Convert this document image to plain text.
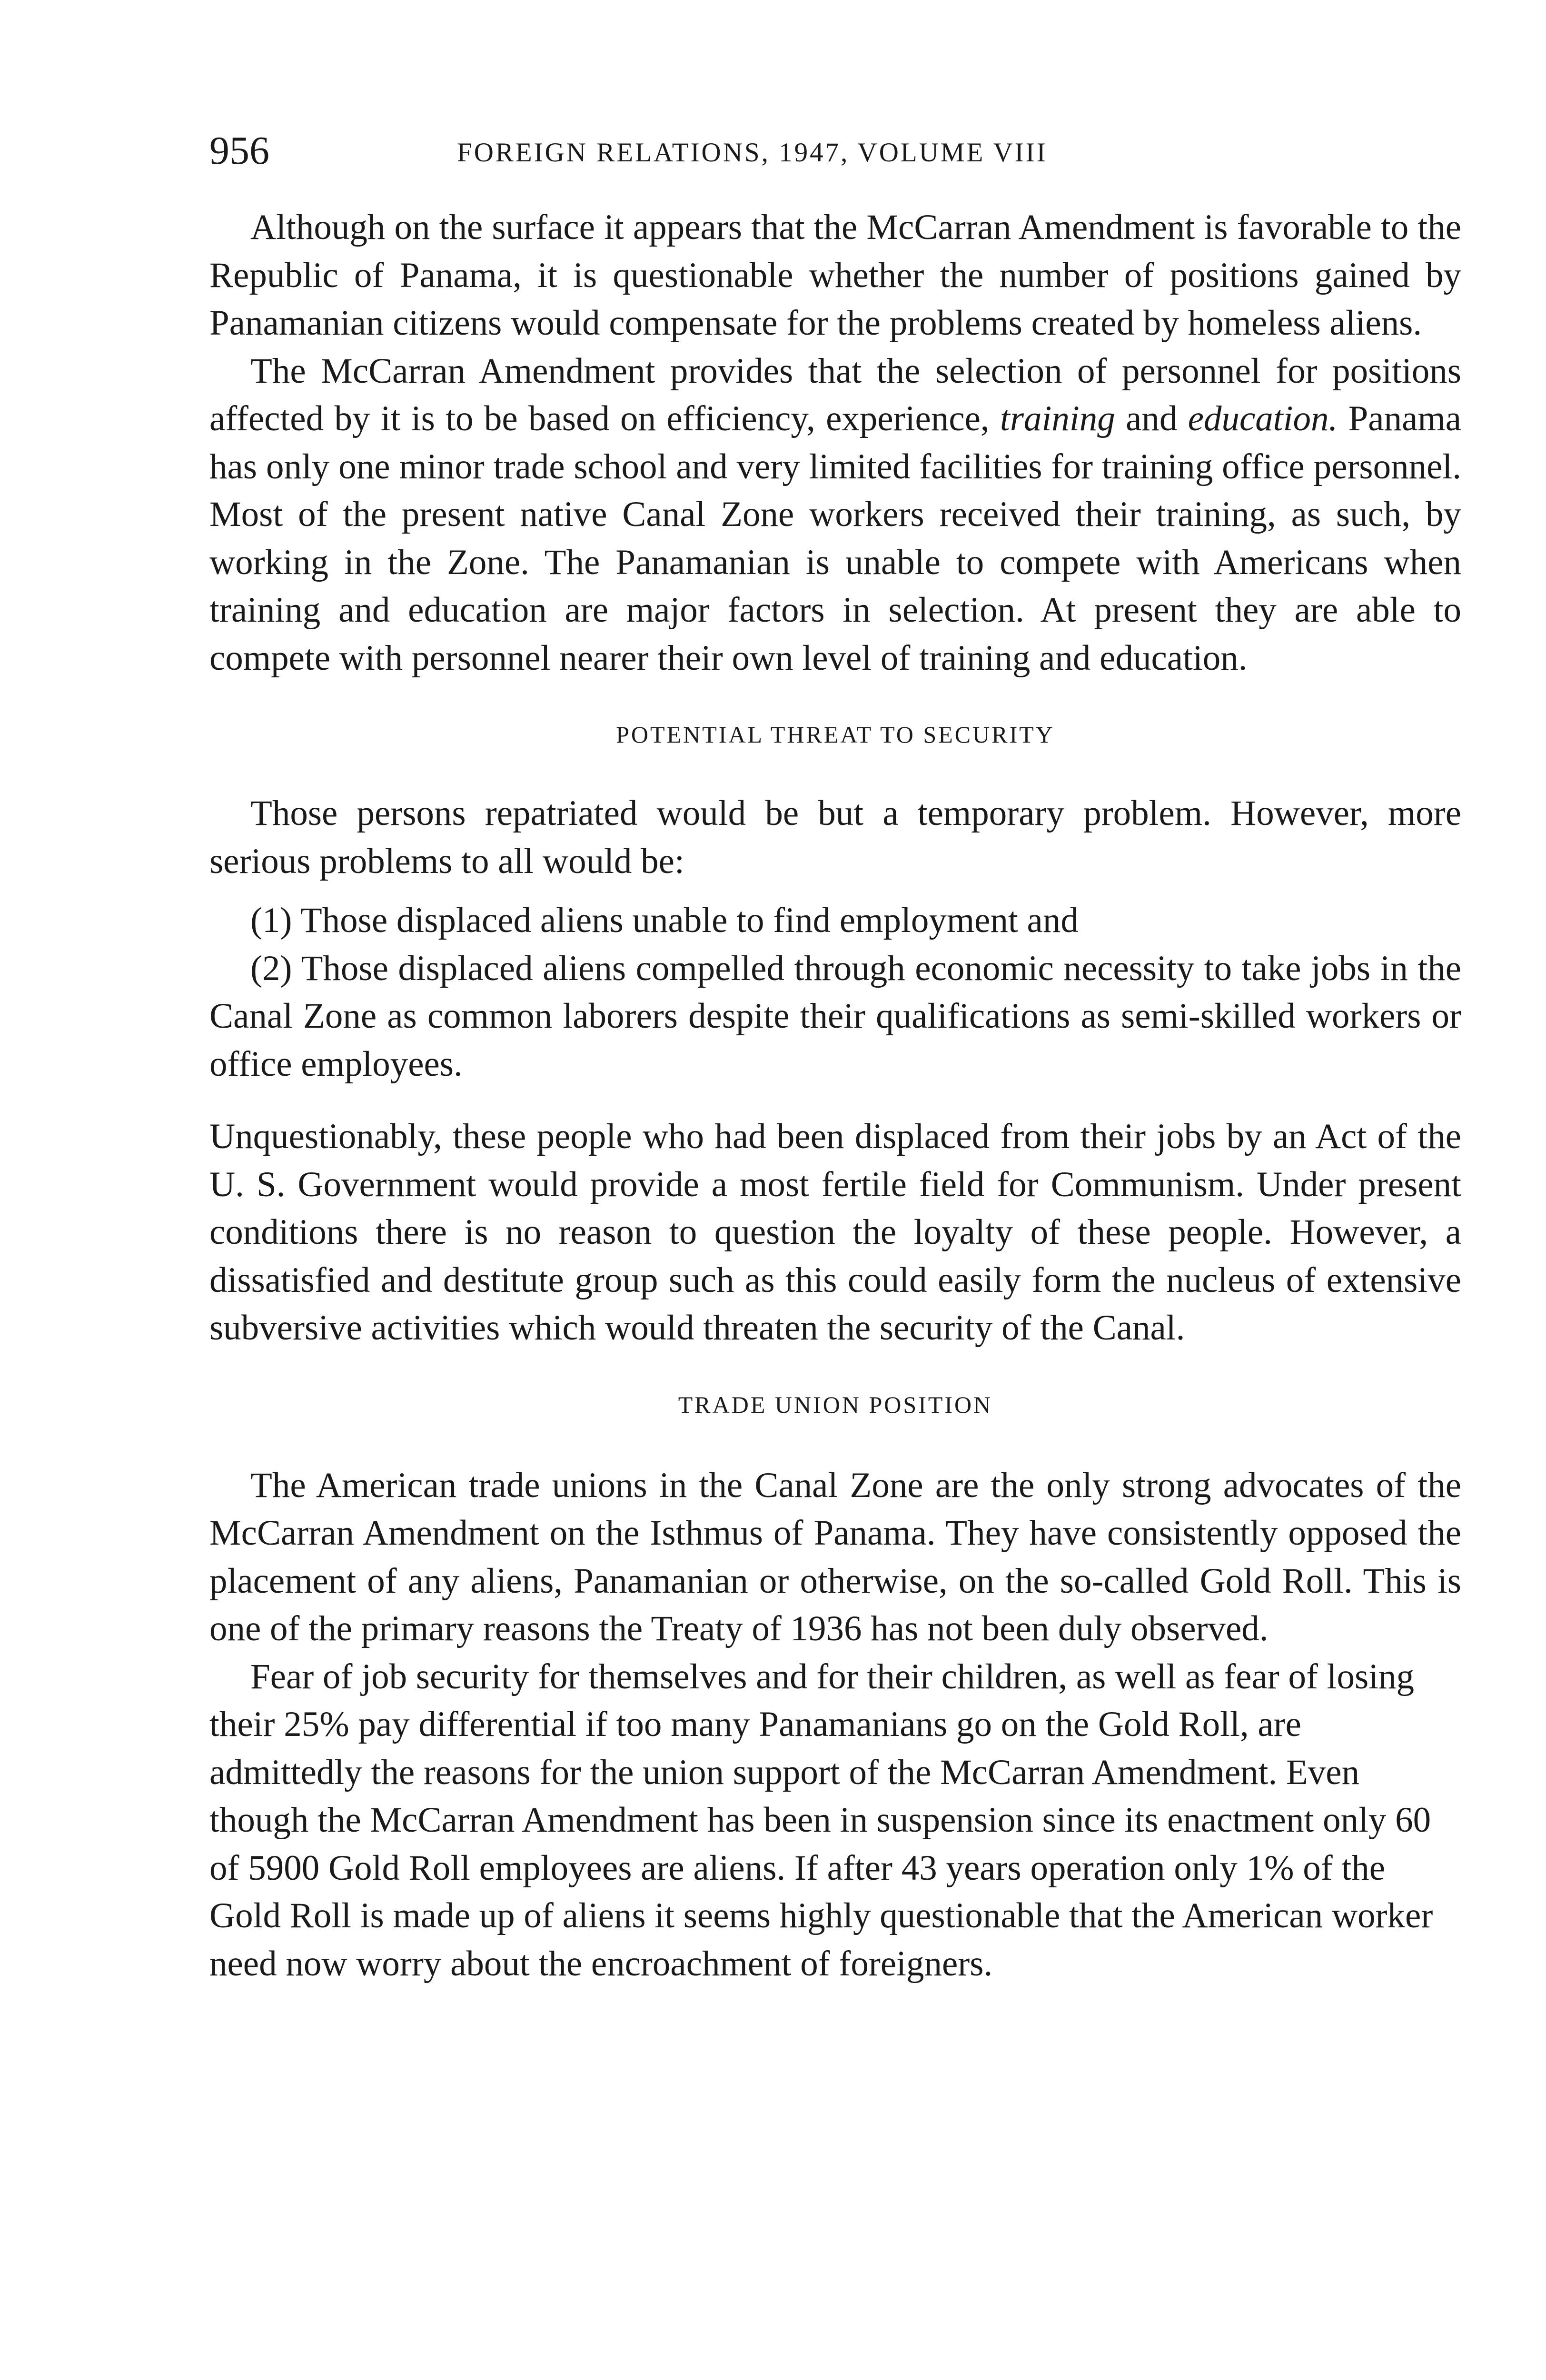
956	FOREIGN RELATIONS, 1947, VOLUME VIII

Although on the surface it appears that the McCarran Amendment is favorable to the Republic of Panama, it is questionable whether the number of positions gained by Panamanian citizens would compensate for the problems created by homeless aliens.

The McCarran Amendment provides that the selection of personnel for positions affected by it is to be based on efficiency, experience, training and education. Panama has only one minor trade school and very limited facilities for training office personnel. Most of the present native Canal Zone workers received their training, as such, by working in the Zone. The Panamanian is unable to compete with Americans when training and education are major factors in selection. At present they are able to compete with personnel nearer their own level of training and education.

POTENTIAL THREAT TO SECURITY

Those persons repatriated would be but a temporary problem. However, more serious problems to all would be:

(1) Those displaced aliens unable to find employment and

(2) Those displaced aliens compelled through economic necessity to take jobs in the Canal Zone as common laborers despite their qualifications as semi-skilled workers or office employees.

Unquestionably, these people who had been displaced from their jobs by an Act of the U. S. Government would provide a most fertile field for Communism. Under present conditions there is no reason to question the loyalty of these people. However, a dissatisfied and destitute group such as this could easily form the nucleus of extensive subversive activities which would threaten the security of the Canal.

TRADE UNION POSITION

The American trade unions in the Canal Zone are the only strong advocates of the McCarran Amendment on the Isthmus of Panama. They have consistently opposed the placement of any aliens, Panamanian or otherwise, on the so-called Gold Roll. This is one of the primary reasons the Treaty of 1936 has not been duly observed.

Fear of job security for themselves and for their children, as well as fear of losing their 25% pay differential if too many Panamanians go on the Gold Roll, are admittedly the reasons for the union support of the McCarran Amendment. Even though the McCarran Amendment has been in suspension since its enactment only 60 of 5900 Gold Roll employees are aliens. If after 43 years operation only 1% of the Gold Roll is made up of aliens it seems highly questionable that the American worker need now worry about the encroachment of foreigners.
